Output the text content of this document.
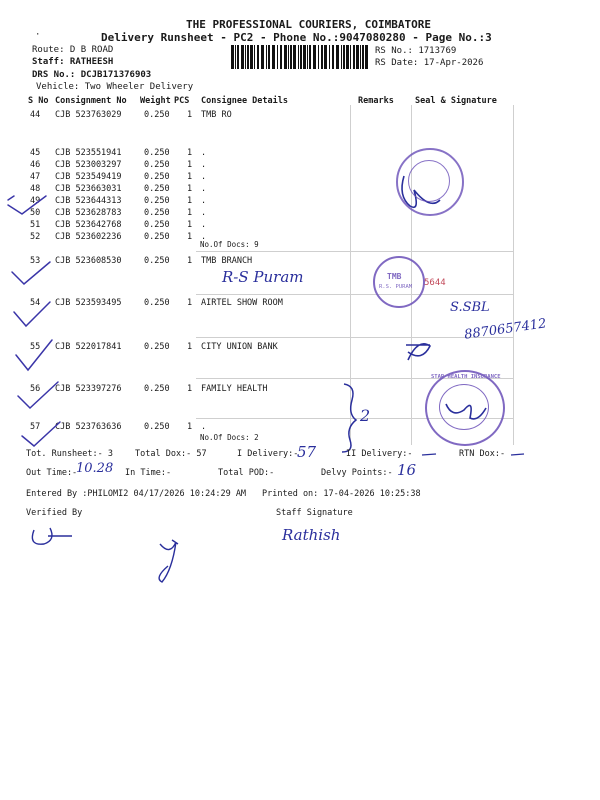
THE PROFESSIONAL COURIERS, COIMBATORE
Delivery Runsheet - PC2 - Phone No.:9047080280 - Page No.:3
·
Route: D B ROAD
Staff: RATHEESH
DRS No.: DCJB171376903
Vehicle: Two Wheeler Delivery
RS No.: 1713769
RS Date: 17-Apr-2026
S No Consignment No Weight PCS Consignee Details	Remarks Seal & Signature
44 CJB 523763029	0.250 1 TMB RO
45 CJB 523551941	0.250 1 .
46 CJB 523003297	0.250 1 .
47 CJB 523549419	0.250 1 .
48 CJB 523663031	0.250 1 .
49 CJB 523644313	0.250 1 .
50 CJB 523628783	0.250 1 .
51 CJB 523642768	0.250 1 .
52 CJB 523602236	0.250 1 .
53 CJB 523608530	0.250 1 TMB BRANCH
54 CJB 523593495	0.250 1 AIRTEL SHOW ROOM
55 CJB 522017841	0.250 1 CITY UNION BANK
56 CJB 523397276	0.250 1 FAMILY HEALTH
57 CJB 523763636	0.250 1 .
No.Of Docs: 9
No.Of Docs: 2
TMB
R.S. PURAM
STAR HEALTH INSURANCE
R-S Puram	5644
S.SBL
8870657412
2
Tot. Runsheet:- 3	Total Dox:- 57	I Delivery:-
57	II Delivery:-	RTN Dox:-
Out Time:-
10.28 In Time:-	Total POD:-	Delvy Points:- 16
Entered By :PHILOMI2 04/17/2026 10:24:29 AM Printed on: 17-04-2026 10:25:38
Verified By	Staff Signature
Rathish
